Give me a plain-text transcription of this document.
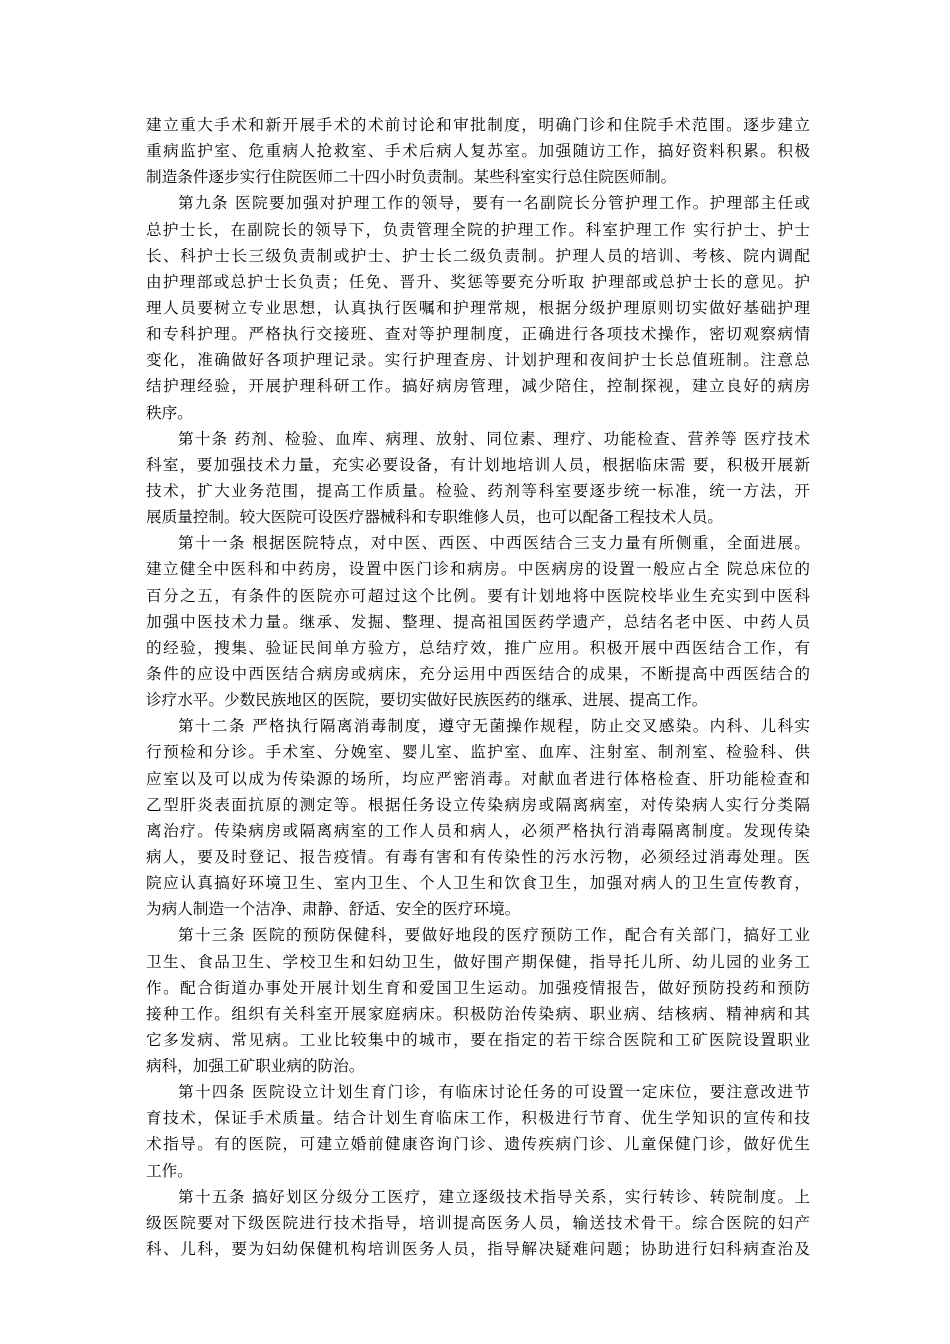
建立重大手术和新开展手术的术前讨论和审批制度，明确门诊和住院手术范围。逐步建立
重病监护室、危重病人抢救室、手术后病人复苏室。加强随访工作，搞好资料积累。积极
制造条件逐步实行住院医师二十四小时负责制。某些科室实行总住院医师制。
第九条 医院要加强对护理工作的领导，要有一名副院长分管护理工作。护理部主任或
总护士长，在副院长的领导下，负责管理全院的护理工作。科室护理工作 实行护士、护士
长、科护士长三级负责制或护士、护士长二级负责制。护理人员的培训、考核、院内调配
由护理部或总护士长负责；任免、晋升、奖惩等要充分听取 护理部或总护士长的意见。护
理人员要树立专业思想，认真执行医嘱和护理常规，根据分级护理原则切实做好基础护理
和专科护理。严格执行交接班、查对等护理制度，正确进行各项技术操作，密切观察病情
变化，准确做好各项护理记录。实行护理查房、计划护理和夜间护士长总值班制。注意总
结护理经验，开展护理科研工作。搞好病房管理，减少陪住，控制探视，建立良好的病房
秩序。
第十条 药剂、检验、血库、病理、放射、同位素、理疗、功能检查、营养等 医疗技术
科室，要加强技术力量，充实必要设备，有计划地培训人员，根据临床需 要，积极开展新
技术，扩大业务范围，提高工作质量。检验、药剂等科室要逐步统一标准，统一方法，开
展质量控制。较大医院可设医疗器械科和专职维修人员，也可以配备工程技术人员。
第十一条 根据医院特点，对中医、西医、中西医结合三支力量有所侧重，全面进展。
建立健全中医科和中药房，设置中医门诊和病房。中医病房的设置一般应占全 院总床位的
百分之五，有条件的医院亦可超过这个比例。要有计划地将中医院校毕业生充实到中医科
加强中医技术力量。继承、发掘、整理、提高祖国医药学遗产，总结名老中医、中药人员
的经验，搜集、验证民间单方验方，总结疗效，推广应用。积极开展中西医结合工作，有
条件的应设中西医结合病房或病床，充分运用中西医结合的成果，不断提高中西医结合的
诊疗水平。少数民族地区的医院，要切实做好民族医药的继承、进展、提高工作。
第十二条 严格执行隔离消毒制度，遵守无菌操作规程，防止交叉感染。内科、儿科实
行预检和分诊。手术室、分娩室、婴儿室、监护室、血库、注射室、制剂室、检验科、供
应室以及可以成为传染源的场所，均应严密消毒。对献血者进行体格检查、肝功能检查和
乙型肝炎表面抗原的测定等。根据任务设立传染病房或隔离病室，对传染病人实行分类隔
离治疗。传染病房或隔离病室的工作人员和病人，必须严格执行消毒隔离制度。发现传染
病人，要及时登记、报告疫情。有毒有害和有传染性的污水污物，必须经过消毒处理。医
院应认真搞好环境卫生、室内卫生、个人卫生和饮食卫生，加强对病人的卫生宣传教育，
为病人制造一个洁净、肃静、舒适、安全的医疗环境。
第十三条 医院的预防保健科，要做好地段的医疗预防工作，配合有关部门，搞好工业
卫生、食品卫生、学校卫生和妇幼卫生，做好围产期保健，指导托儿所、幼儿园的业务工
作。配合街道办事处开展计划生育和爱国卫生运动。加强疫情报告，做好预防投药和预防
接种工作。组织有关科室开展家庭病床。积极防治传染病、职业病、结核病、精神病和其
它多发病、常见病。工业比较集中的城市，要在指定的若干综合医院和工矿医院设置职业
病科，加强工矿职业病的防治。
第十四条 医院设立计划生育门诊，有临床讨论任务的可设置一定床位，要注意改进节
育技术，保证手术质量。结合计划生育临床工作，积极进行节育、优生学知识的宣传和技
术指导。有的医院，可建立婚前健康咨询门诊、遗传疾病门诊、儿童保健门诊，做好优生
工作。
第十五条 搞好划区分级分工医疗，建立逐级技术指导关系，实行转诊、转院制度。上
级医院要对下级医院进行技术指导，培训提高医务人员，输送技术骨干。综合医院的妇产
科、儿科，要为妇幼保健机构培训医务人员，指导解决疑难问题；协助进行妇科病查治及
